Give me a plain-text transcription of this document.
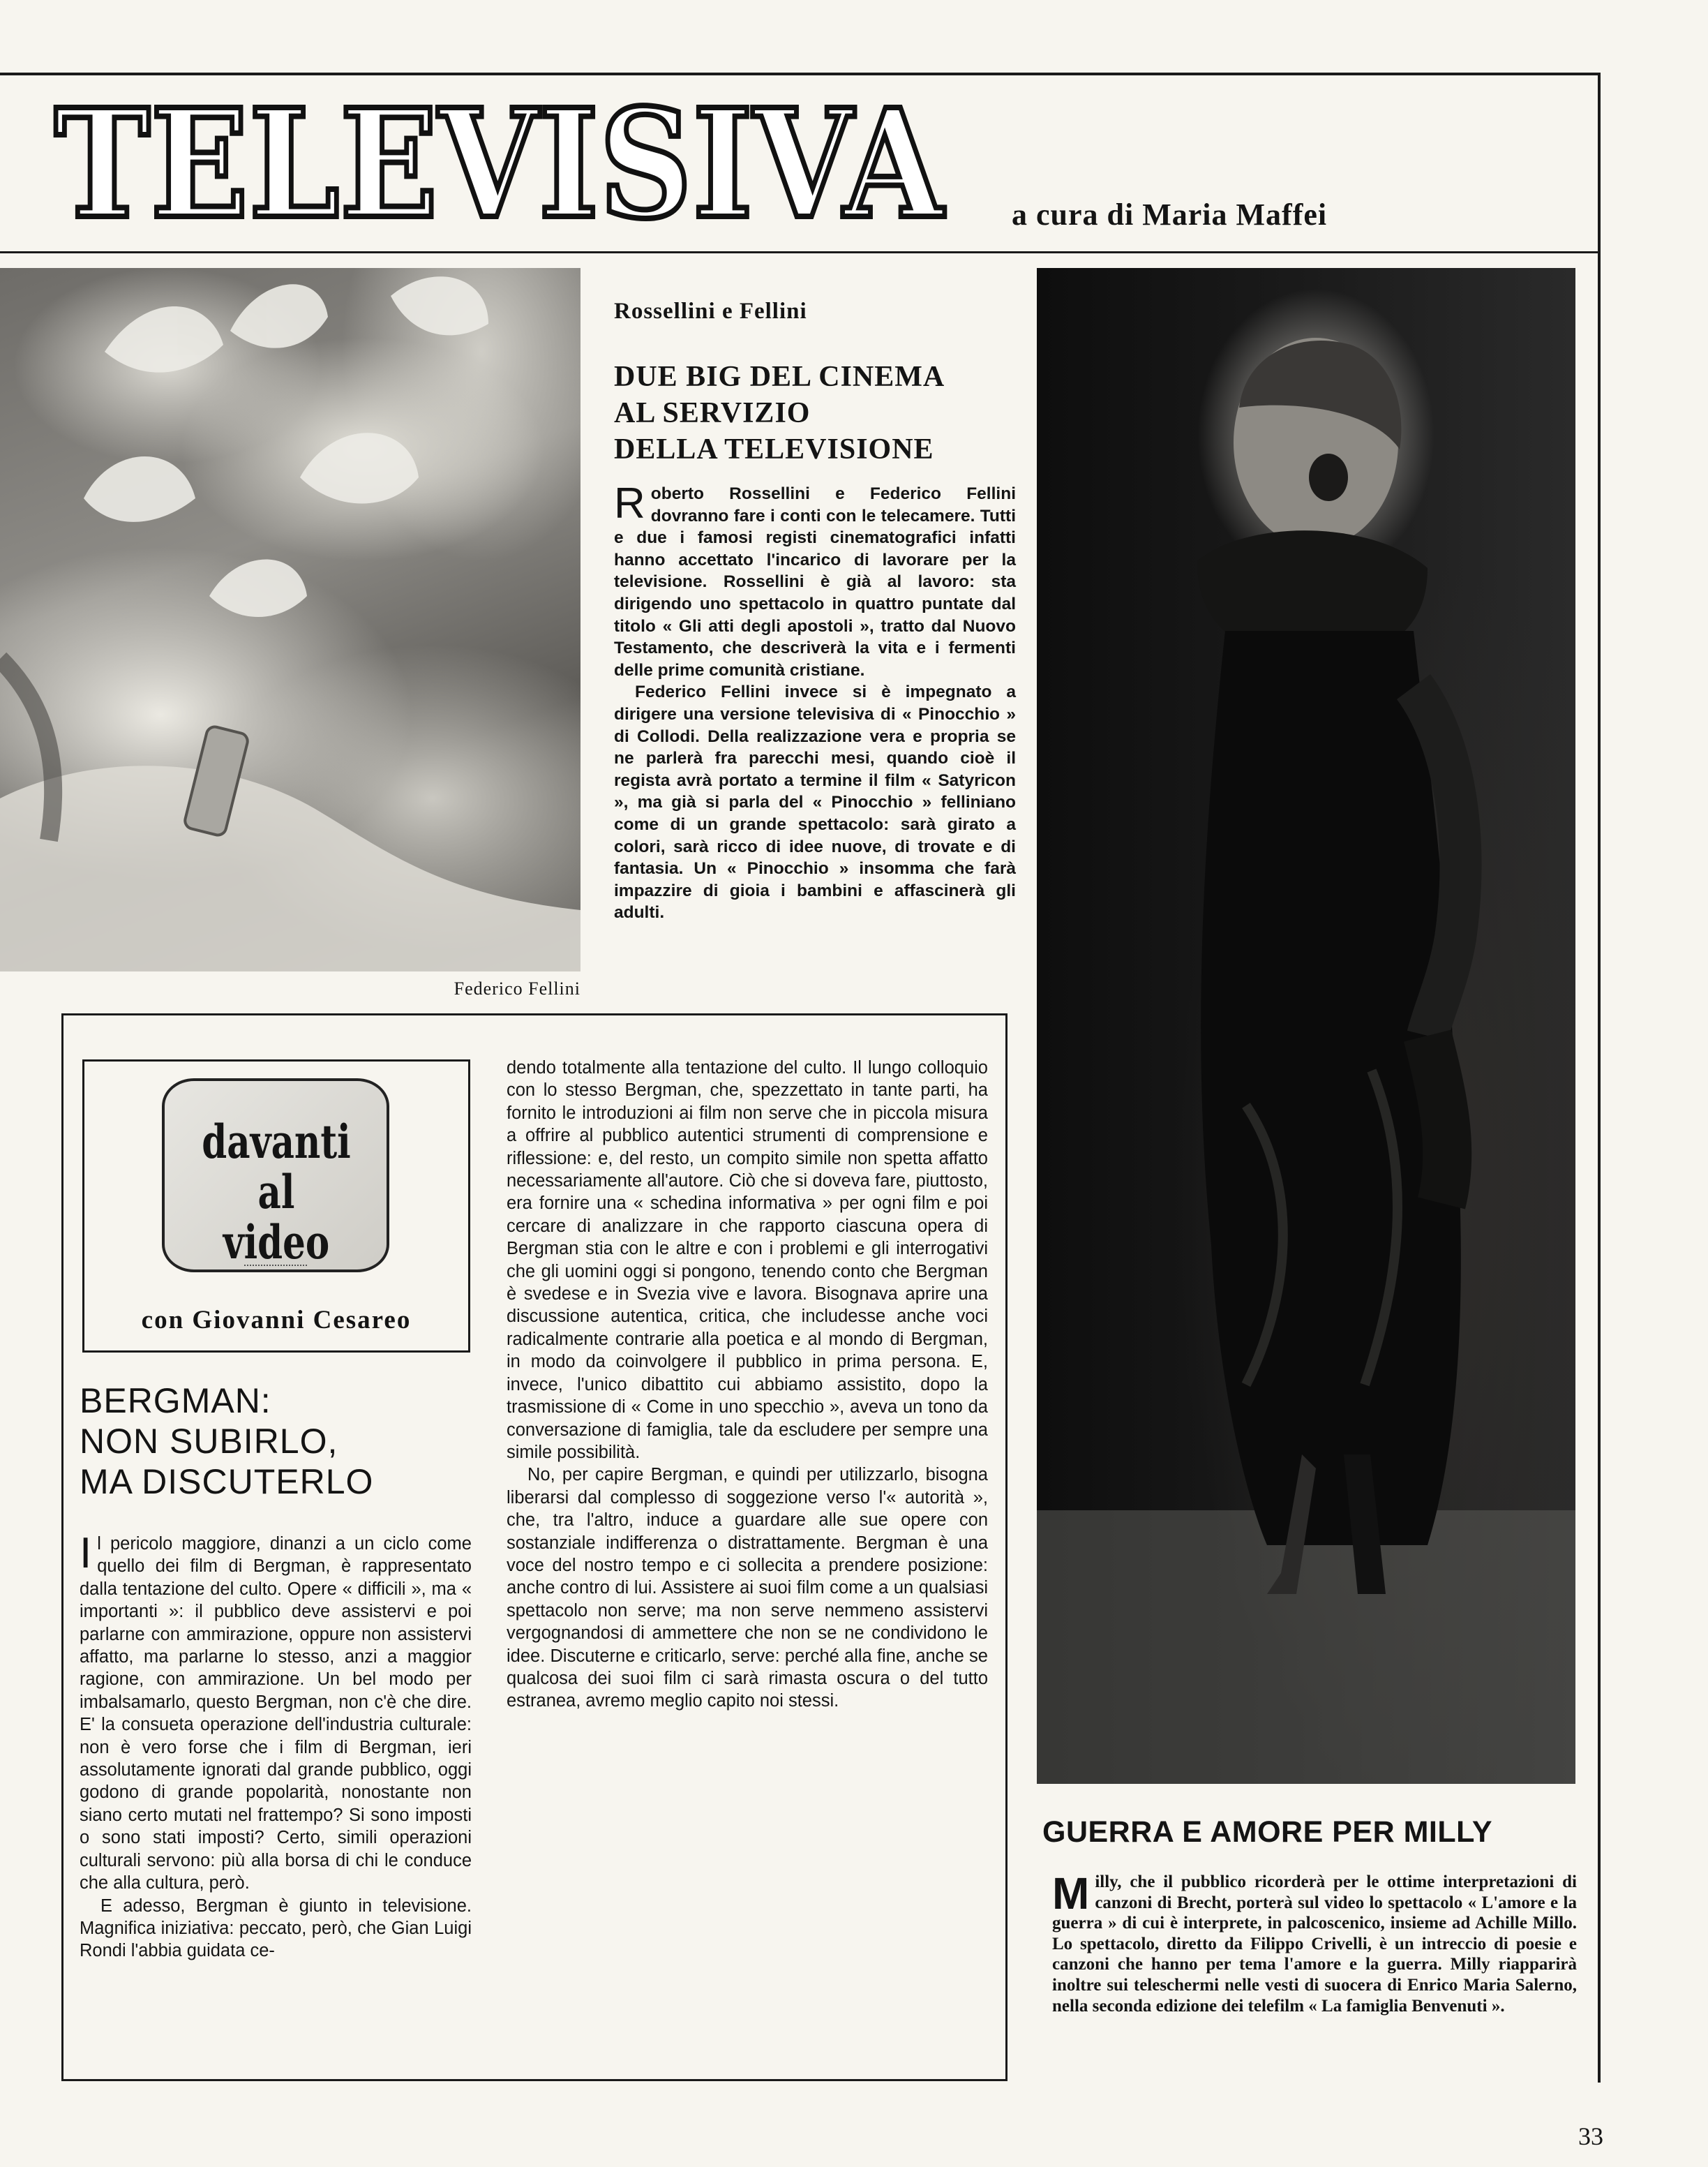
TELEVISIVA a cura di Maria Maffei
Federico Fellini
Rossellini e Fellini
DUE BIG DEL CINEMA
AL SERVIZIO
DELLA TELEVISIONE

Roberto Rossellini e Federico Fellini dovranno fare i conti con le telecamere. Tutti e due i famosi registi cinematografici infatti hanno accettato l'incarico di lavorare per la televisione. Rossellini è già al lavoro: sta dirigendo uno spettacolo in quattro puntate dal titolo « Gli atti degli apostoli », tratto dal Nuovo Testamento, che descriverà la vita e i fermenti delle prime comunità cristiane.

Federico Fellini invece si è impegnato a dirigere una versione televisiva di « Pinocchio » di Collodi. Della realizzazione vera e propria se ne parlerà fra parecchi mesi, quando cioè il regista avrà portato a termine il film « Satyricon », ma già si parla del « Pinocchio » felliniano come di un grande spettacolo: sarà girato a colori, sarà ricco di idee nuove, di trovate e di fantasia. Un « Pinocchio » insomma che farà impazzire di gioia i bambini e affascinerà gli adulti.

davanti
al video
con Giovanni Cesareo
BERGMAN:
NON SUBIRLO,
MA DISCUTERLO

Il pericolo maggiore, dinanzi a un ciclo come quello dei film di Bergman, è rappresentato dalla tentazione del culto. Opere « difficili », ma « importanti »: il pubblico deve assistervi e poi parlarne con ammirazione, oppure non assistervi affatto, ma parlarne lo stesso, anzi a maggior ragione, con ammirazione. Un bel modo per imbalsamarlo, questo Bergman, non c'è che dire. E' la consueta operazione dell'industria culturale: non è vero forse che i film di Bergman, ieri assolutamente ignorati dal grande pubblico, oggi godono di grande popolarità, nonostante non siano certo mutati nel frattempo? Si sono imposti o sono stati imposti? Certo, simili operazioni culturali servono: più alla borsa di chi le conduce che alla cultura, però.

E adesso, Bergman è giunto in televisione. Magnifica iniziativa: peccato, però, che Gian Luigi Rondi l'abbia guidata ce-

dendo totalmente alla tentazione del culto. Il lungo colloquio con lo stesso Bergman, che, spezzettato in tante parti, ha fornito le introduzioni ai film non serve che in piccola misura a offrire al pubblico autentici strumenti di comprensione e riflessione: e, del resto, un compito simile non spetta affatto necessariamente all'autore. Ciò che si doveva fare, piuttosto, era fornire una « schedina informativa » per ogni film e poi cercare di analizzare in che rapporto ciascuna opera di Bergman stia con le altre e con i problemi e gli interrogativi che gli uomini oggi si pongono, tenendo conto che Bergman è svedese e in Svezia vive e lavora. Bisognava aprire una discussione autentica, critica, che includesse anche voci radicalmente contrarie alla poetica e al mondo di Bergman, in modo da coinvolgere il pubblico in prima persona. E, invece, l'unico dibattito cui abbiamo assistito, dopo la trasmissione di « Come in uno specchio », aveva un tono da conversazione di famiglia, tale da escludere per sempre una simile possibilità.

No, per capire Bergman, e quindi per utilizzarlo, bisogna liberarsi dal complesso di soggezione verso l'« autorità », che, tra l'altro, induce a guardare alle sue opere con sostanziale indifferenza o distrattamente. Bergman è una voce del nostro tempo e ci sollecita a prendere posizione: anche contro di lui. Assistere ai suoi film come a un qualsiasi spettacolo non serve; ma non serve nemmeno assistervi vergognandosi di ammettere che non se ne condividono le idee. Discuterne e criticarlo, serve: perché alla fine, anche se qualcosa dei suoi film ci sarà rimasta oscura o del tutto estranea, avremo meglio capito noi stessi.

GUERRA E AMORE PER MILLY

Milly, che il pubblico ricorderà per le ottime interpretazioni di canzoni di Brecht, porterà sul video lo spettacolo « L'amore e la guerra » di cui è interprete, in palcoscenico, insieme ad Achille Millo. Lo spettacolo, diretto da Filippo Crivelli, è un intreccio di poesie e canzoni che hanno per tema l'amore e la guerra. Milly riapparirà inoltre sui teleschermi nelle vesti di suocera di Enrico Maria Salerno, nella seconda edizione dei telefilm « La famiglia Benvenuti ».

33
